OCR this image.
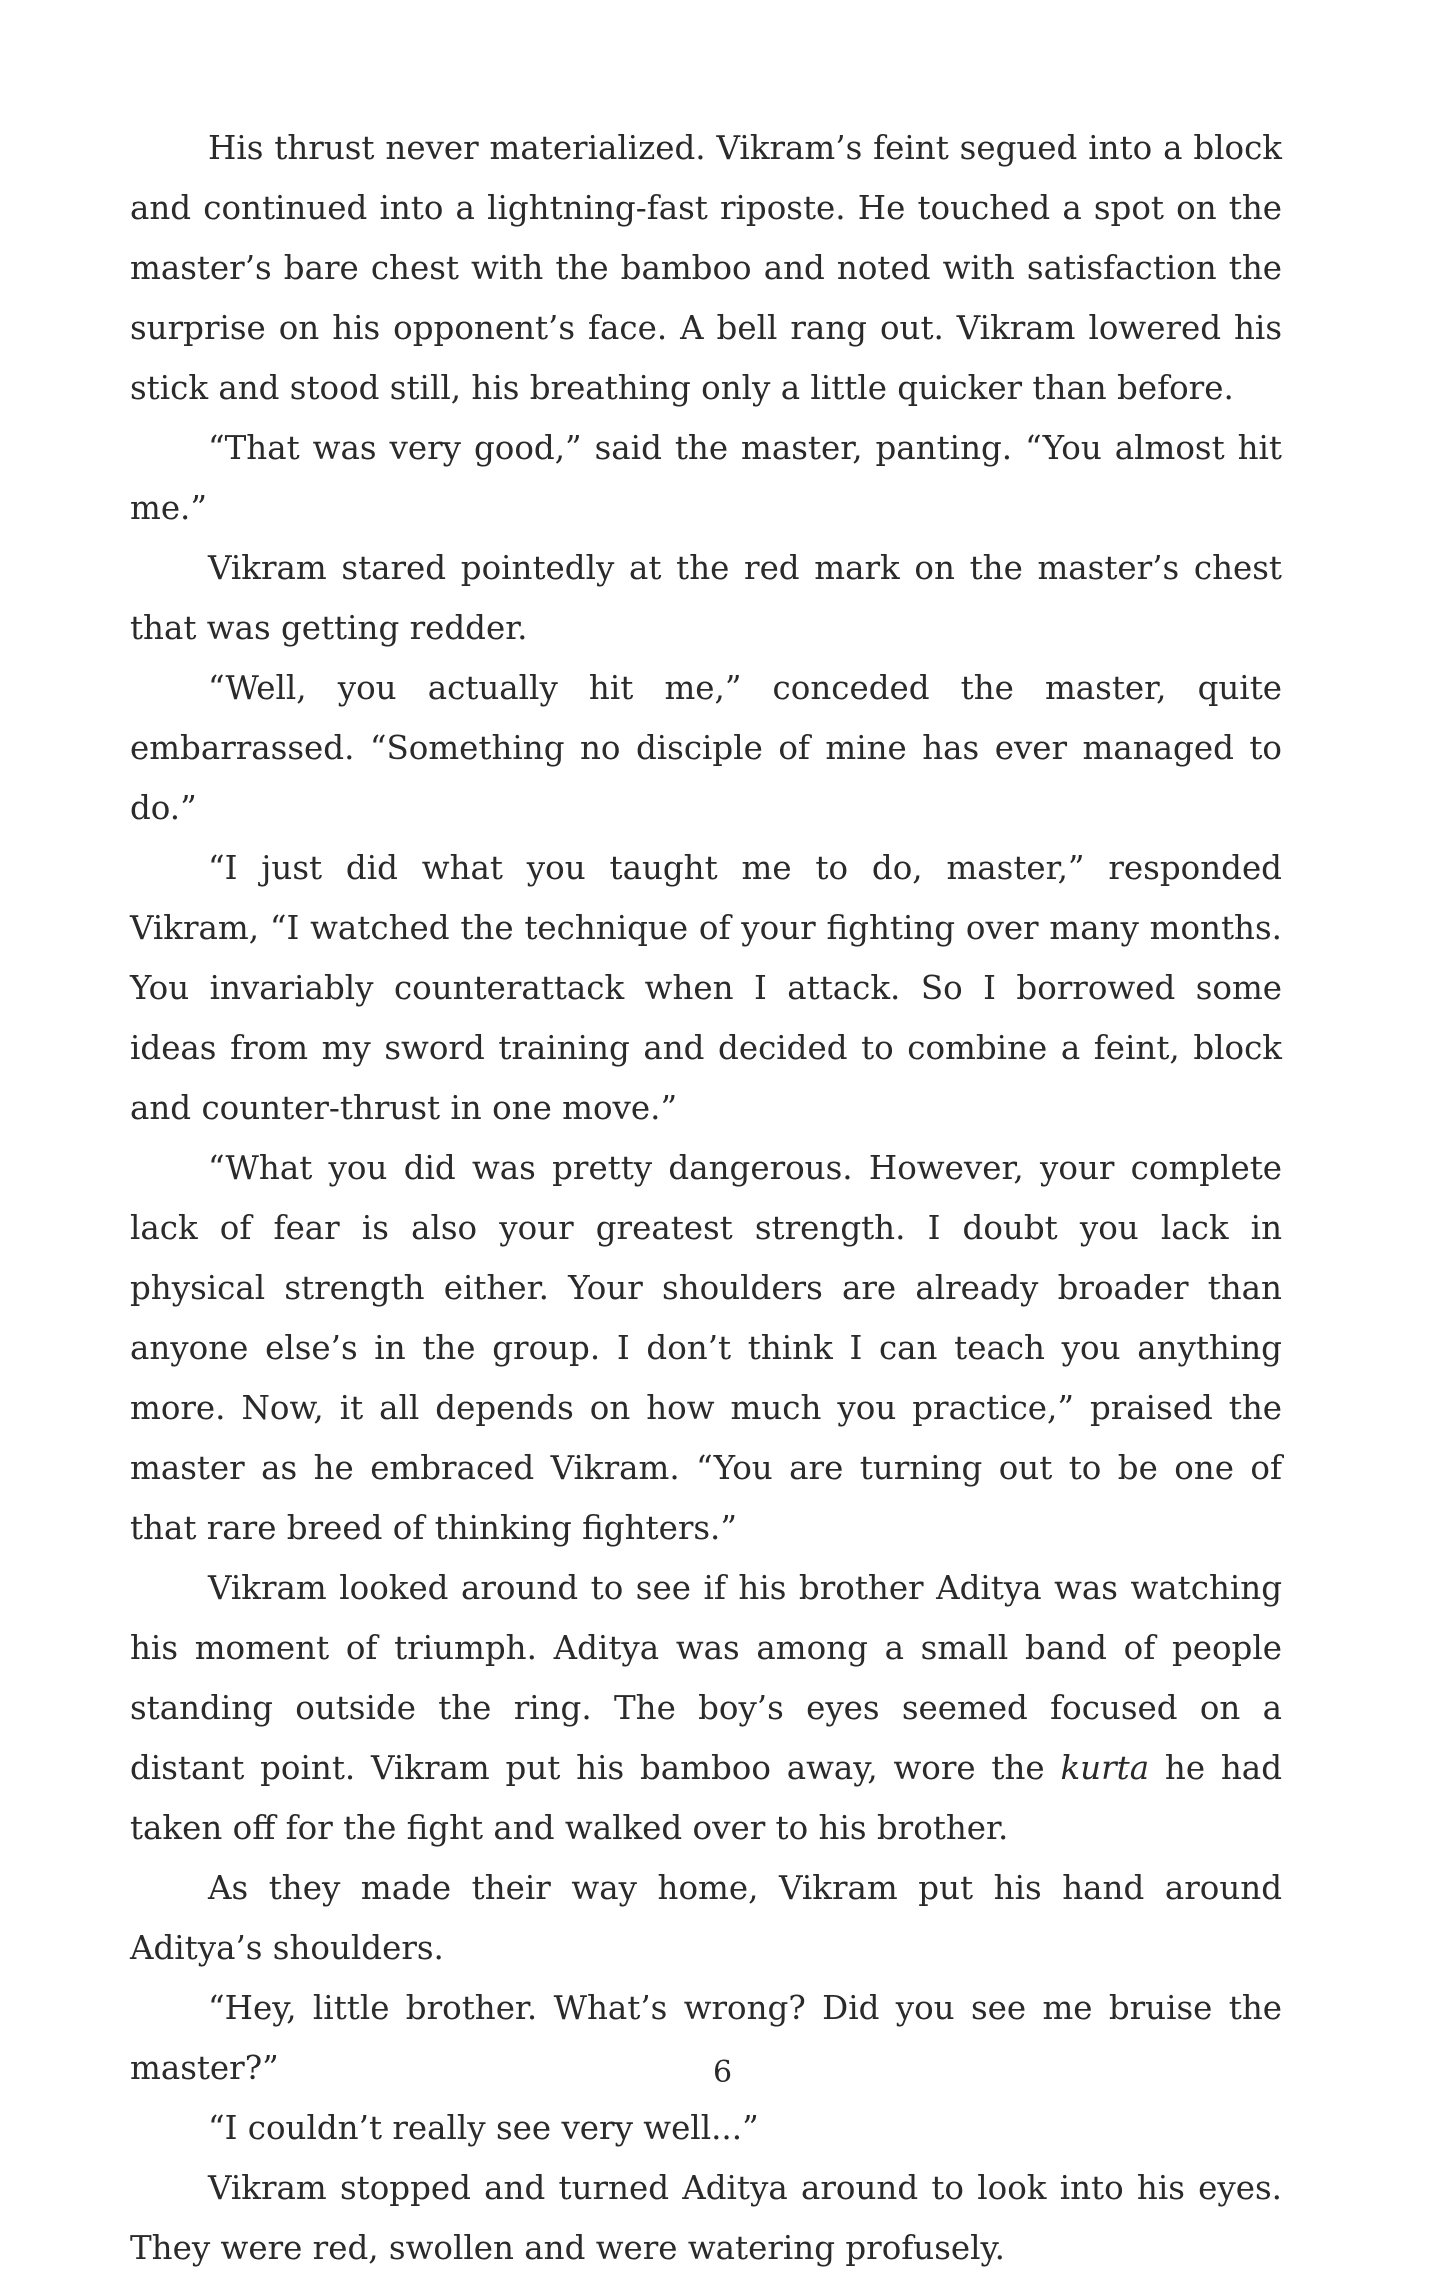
His thrust never materialized. Vikram’s feint segued into a block and continued into a lightning-fast riposte. He touched a spot on the master’s bare chest with the bamboo and noted with satisfaction the surprise on his opponent’s face. A bell rang out. Vikram lowered his stick and stood still, his breathing only a little quicker than before.

“That was very good,” said the master, panting. “You almost hit me.”

Vikram stared pointedly at the red mark on the master’s chest that was getting redder.

“Well, you actually hit me,” conceded the master, quite embarrassed. “Something no disciple of mine has ever managed to do.”

“I just did what you taught me to do, master,” responded Vikram, “I watched the technique of your fighting over many months. You invariably counterattack when I attack. So I borrowed some ideas from my sword training and decided to combine a feint, block and counter-thrust in one move.”

“What you did was pretty dangerous. However, your complete lack of fear is also your greatest strength. I doubt you lack in physical strength either. Your shoulders are already broader than anyone else’s in the group. I don’t think I can teach you anything more. Now, it all depends on how much you practice,” praised the master as he embraced Vikram. “You are turning out to be one of that rare breed of thinking fighters.”

Vikram looked around to see if his brother Aditya was watching his moment of triumph. Aditya was among a small band of people standing outside the ring. The boy’s eyes seemed focused on a distant point. Vikram put his bamboo away, wore the kurta he had taken off for the fight and walked over to his brother.

As they made their way home, Vikram put his hand around Aditya’s shoulders.

“Hey, little brother. What’s wrong? Did you see me bruise the master?”

“I couldn’t really see very well...”

Vikram stopped and turned Aditya around to look into his eyes. They were red, swollen and were watering profusely.

6
